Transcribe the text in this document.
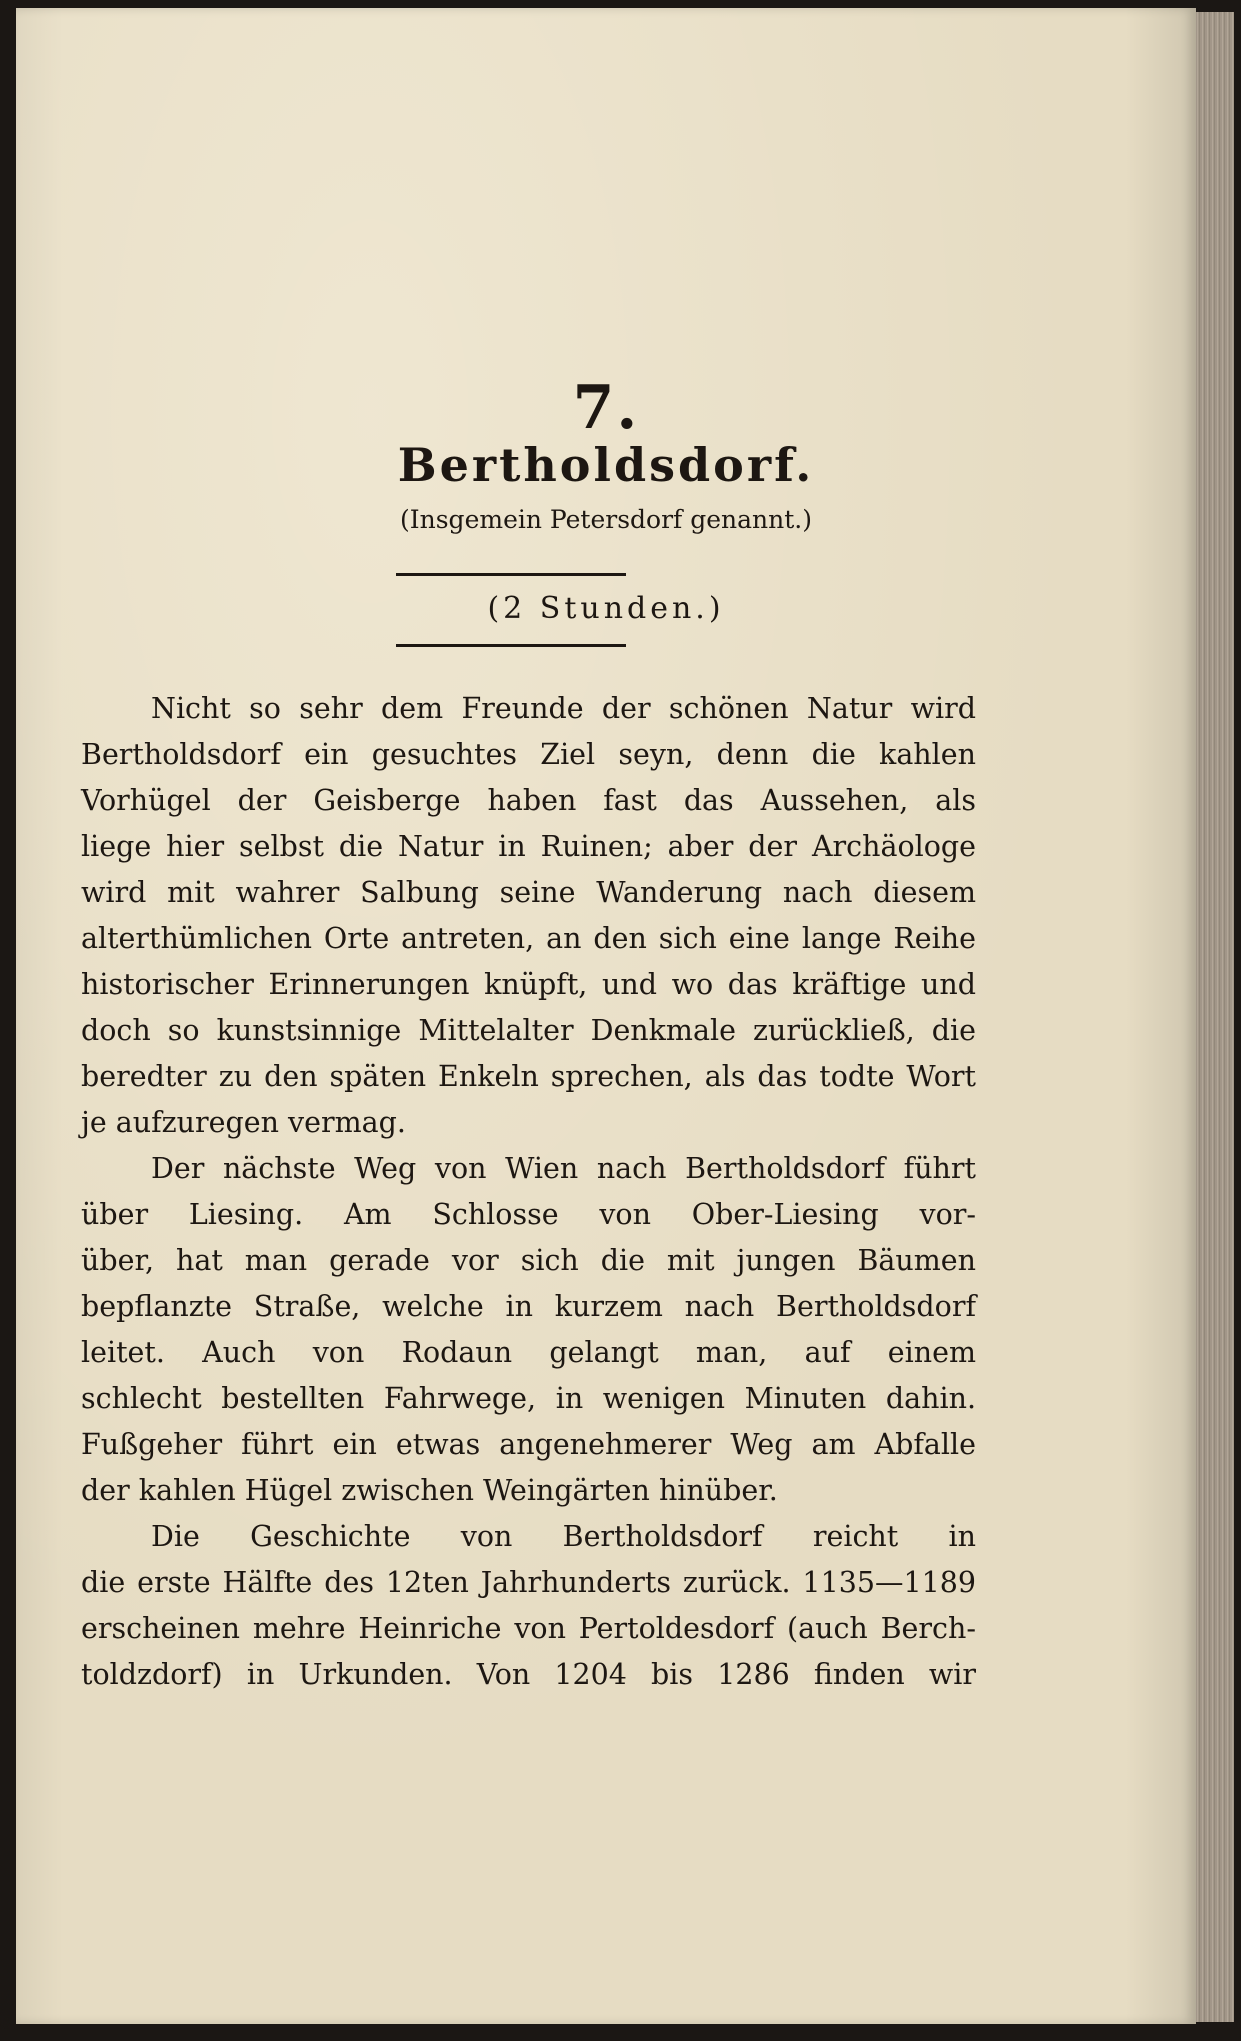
7.
Bertholdsdorf.
(Insgemein Petersdorf genannt.)
(2 Stunden.)
Nicht so sehr dem Freunde der schönen Natur wird
Bertholdsdorf ein gesuchtes Ziel seyn, denn die kahlen
Vorhügel der Geisberge haben fast das Aussehen, als
liege hier selbst die Natur in Ruinen; aber der Archäologe
wird mit wahrer Salbung seine Wanderung nach diesem
alterthümlichen Orte antreten, an den sich eine lange Reihe
historischer Erinnerungen knüpft, und wo das kräftige und
doch so kunstsinnige Mittelalter Denkmale zurückließ, die
beredter zu den späten Enkeln sprechen, als das todte Wort
je aufzuregen vermag.
Der nächste Weg von Wien nach Bertholdsdorf führt
über Liesing. Am Schlosse von Ober-Liesing vor-
über, hat man gerade vor sich die mit jungen Bäumen
bepflanzte Straße, welche in kurzem nach Bertholdsdorf
leitet. Auch von Rodaun gelangt man, auf einem
schlecht bestellten Fahrwege, in wenigen Minuten dahin.
Fußgeher führt ein etwas angenehmerer Weg am Abfalle
der kahlen Hügel zwischen Weingärten hinüber.
Die Geschichte von Bertholdsdorf reicht in
die erste Hälfte des 12ten Jahrhunderts zurück. 1135—1189
erscheinen mehre Heinriche von Pertoldesdorf (auch Berch-
toldzdorf) in Urkunden. Von 1204 bis 1286 finden wir
